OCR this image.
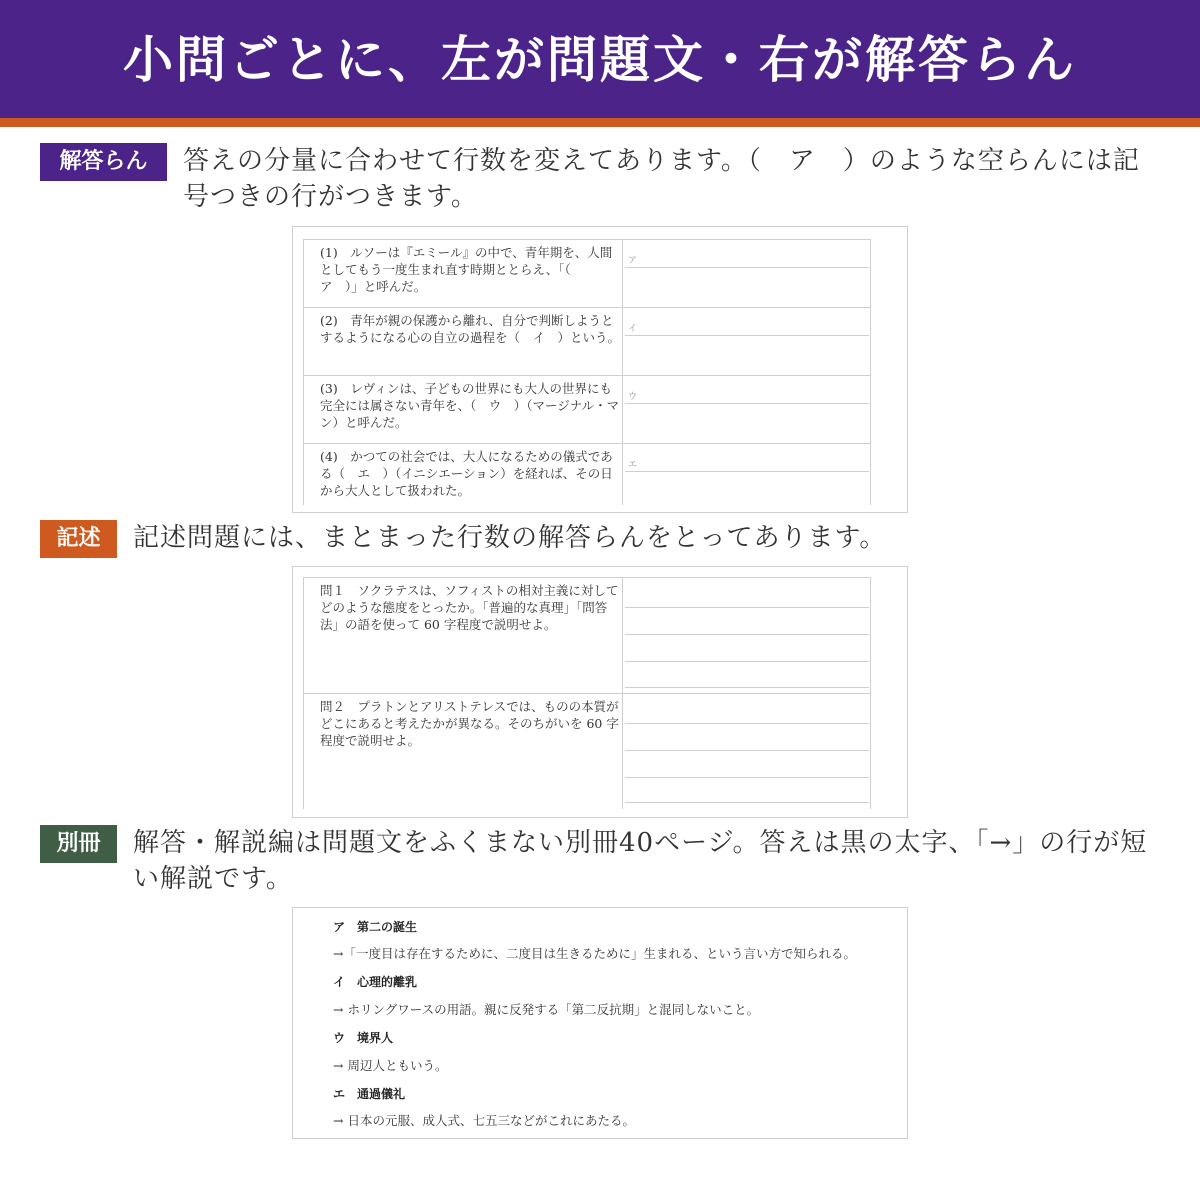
小問ごとに、左が問題文・右が解答らん
解答らん	答えの分量に合わせて行数を変えてあります。（　ア　）のような空らんには記号つきの行がつきます。
(1)　ルソーは『エミール』の中で、青年期を、人間としてもう一度生まれ直す時期ととらえ、「（　ア　）」と呼んだ。
ア
(2)　青年が親の保護から離れ、自分で判断しようとするようになる心の自立の過程を（　イ　）という。
イ
(3)　レヴィンは、子どもの世界にも大人の世界にも完全には属さない青年を、（　ウ　）（マージナル・マン）と呼んだ。
ウ
(4)　かつての社会では、大人になるための儀式である（　エ　）（イニシエーション）を経れば、その日から大人として扱われた。
エ
記述	記述問題には、まとまった行数の解答らんをとってあります。
問１　ソクラテスは、ソフィストの相対主義に対してどのような態度をとったか。「普遍的な真理」「問答法」の語を使って 60 字程度で説明せよ。
問２　プラトンとアリストテレスでは、ものの本質がどこにあると考えたかが異なる。そのちがいを 60 字程度で説明せよ。
別冊	解答・解説編は問題文をふくまない別冊40ページ。答えは黒の太字、「→」の行が短い解説です。
ア　第二の誕生
→「一度目は存在するために、二度目は生きるために」生まれる、という言い方で知られる。
イ　心理的離乳
→ ホリングワースの用語。親に反発する「第二反抗期」と混同しないこと。
ウ　境界人
→ 周辺人ともいう。
エ　通過儀礼
→ 日本の元服、成人式、七五三などがこれにあたる。
